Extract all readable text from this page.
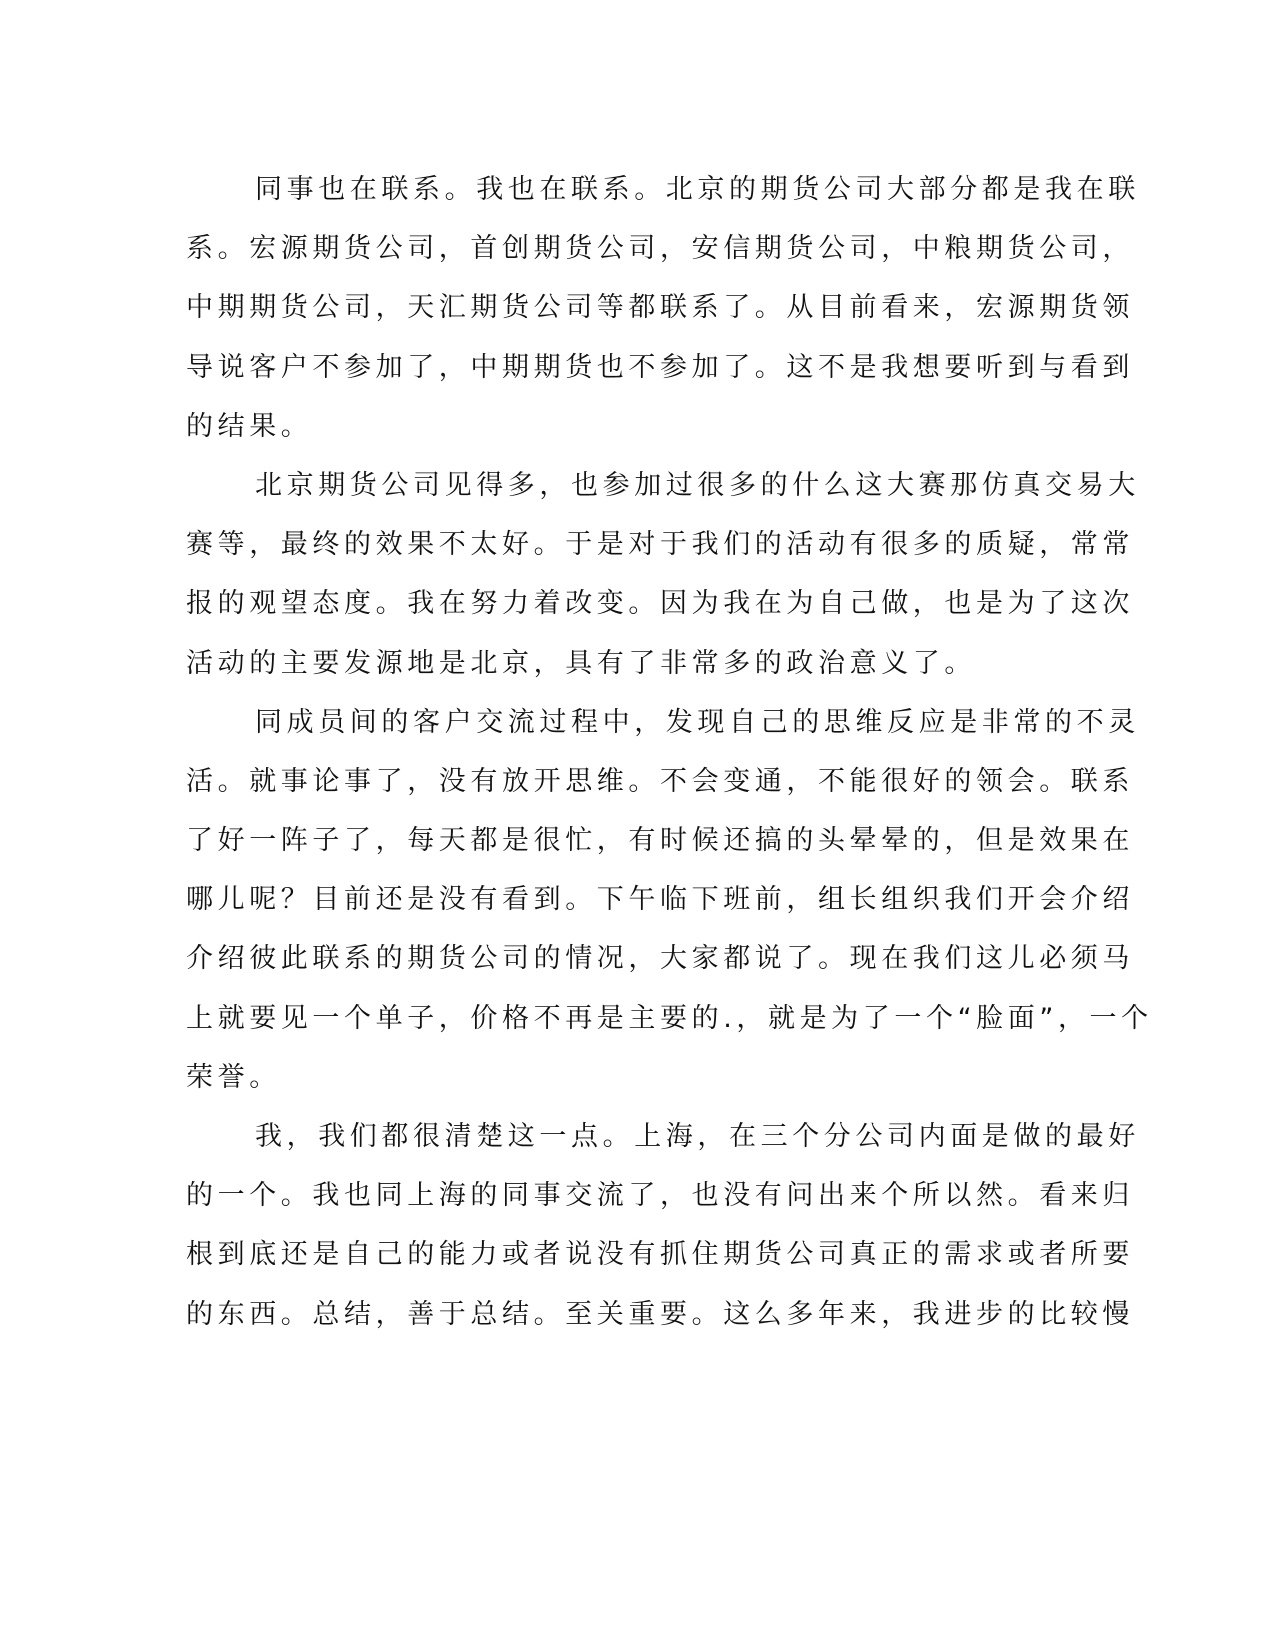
同事也在联系。我也在联系。北京的期货公司大部分都是我在联
系。宏源期货公司，首创期货公司，安信期货公司，中粮期货公司，
中期期货公司，天汇期货公司等都联系了。从目前看来，宏源期货领
导说客户不参加了，中期期货也不参加了。这不是我想要听到与看到
的结果。
北京期货公司见得多，也参加过很多的什么这大赛那仿真交易大
赛等，最终的效果不太好。于是对于我们的活动有很多的质疑，常常
报的观望态度。我在努力着改变。因为我在为自己做，也是为了这次
活动的主要发源地是北京，具有了非常多的政治意义了。
同成员间的客户交流过程中，发现自己的思维反应是非常的不灵
活。就事论事了，没有放开思维。不会变通，不能很好的领会。联系
了好一阵子了，每天都是很忙，有时候还搞的头晕晕的，但是效果在
哪儿呢？目前还是没有看到。下午临下班前，组长组织我们开会介绍
介绍彼此联系的期货公司的情况，大家都说了。现在我们这儿必须马
上就要见一个单子，价格不再是主要的.，就是为了一个“脸面”，一个
荣誉。
我，我们都很清楚这一点。上海，在三个分公司内面是做的最好
的一个。我也同上海的同事交流了，也没有问出来个所以然。看来归
根到底还是自己的能力或者说没有抓住期货公司真正的需求或者所要
的东西。总结，善于总结。至关重要。这么多年来，我进步的比较慢
